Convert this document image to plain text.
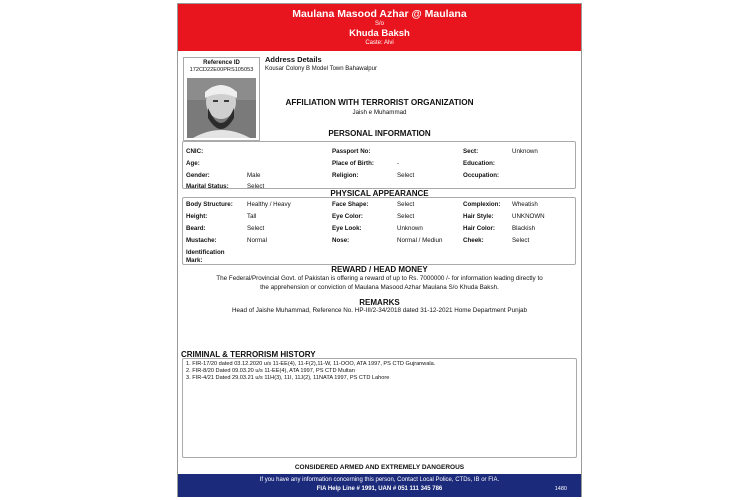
Maulana Masood Azhar @ Maulana
S/o
Khuda Baksh
Caste: Alvi
Reference ID
172CD22E00PRS105053
Address Details
Kousar Colony B Model Town Bahawalpur
AFFILIATION WITH TERRORIST ORGANIZATION
Jaish e Muhammad
PERSONAL INFORMATION
CNIC:	Passport No:	Sect:	Unknown
Age:	Place of Birth:	-	Education:
Gender:	Male	Religion:	Select	Occupation:
Marital Status:	Select
PHYSICAL APPEARANCE
Body Structure: Healthy / Heavy	Face Shape:	Select	Complexion: Wheatish
Height:	Tall	Eye Color:	Select	Hair Style:	UNKNOWN
Beard:	Select	Eye Look:	Unknown	Hair Color:	Blackish
Mustache:	Normal	Nose:	Normal / Mediun	Cheek:	Select
Identification Mark:
REWARD / HEAD MONEY
The Federal/Provincial Govt. of Pakistan is offering a reward of up to Rs. 7000000 /- for information leading directly to
the apprehension or conviction of Maulana Masood Azhar Maulana S/o Khuda Baksh.
REMARKS
Head of Jaishe Muhammad, Reference No. HP-III/2-34/2018 dated 31-12-2021 Home Department Punjab
CRIMINAL & TERRORISM HISTORY
1. FIR-17/20 dated 03.12.2020 u/s 11-EE(4), 11-F(2),11-W, 11-OOO, ATA 1997, PS CTD Gujranwala.
2. FIR-8/20 Dated 09.03.20 u/s 11-EE(4), ATA 1997, PS CTD Multan
3. FIR-4/21 Dated 29.03.21 u/s 11H(3), 11I, 11J(2), 11NATA 1997, PS CTD Lahore
CONSIDERED ARMED AND EXTREMELY DANGEROUS
If you have any information concerning this person, Contact Local Police, CTDs, IB or FIA.
FIA Help Line # 1991, UAN # 051 111 345 786	1480
